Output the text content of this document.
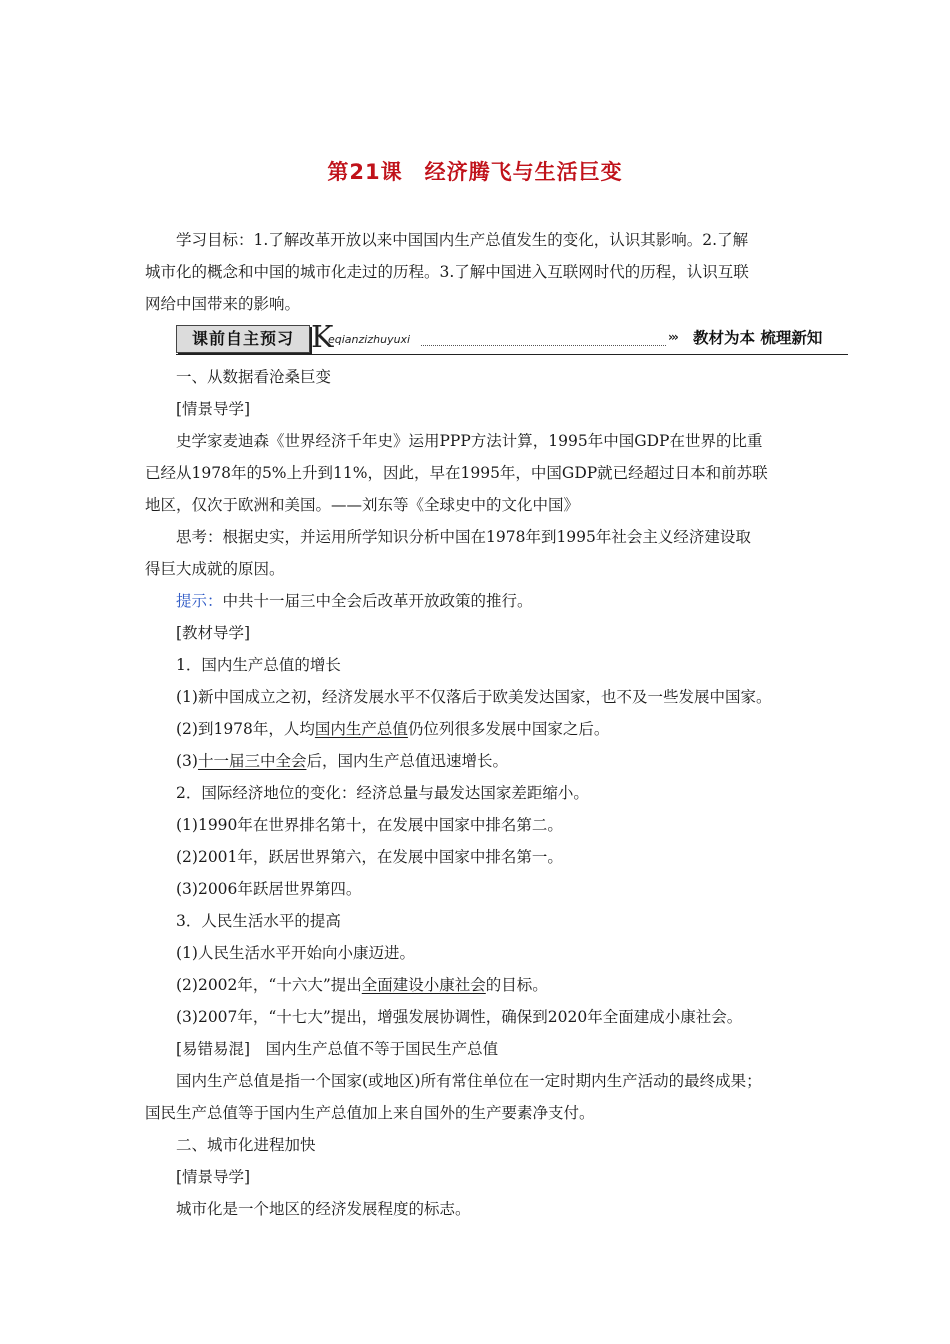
第21课　经济腾飞与生活巨变
学习目标：1.了解改革开放以来中国国内生产总值发生的变化，认识其影响。2.了解
城市化的概念和中国的城市化走过的历程。3.了解中国进入互联网时代的历程，认识互联
网给中国带来的影响。
课前自主预习 K
eqianzizhuyuxi	››› 教材为本 梳理新知
一、从数据看沧桑巨变
[情景导学]
史学家麦迪森《世界经济千年史》运用PPP方法计算，1995年中国GDP在世界的比重
已经从1978年的5%上升到11%，因此，早在1995年，中国GDP就已经超过日本和前苏联
地区，仅次于欧洲和美国。——刘东等《全球史中的文化中国》
思考：根据史实，并运用所学知识分析中国在1978年到1995年社会主义经济建设取
得巨大成就的原因。
提示：中共十一届三中全会后改革开放政策的推行。
[教材导学]
1．国内生产总值的增长
(1)新中国成立之初，经济发展水平不仅落后于欧美发达国家，也不及一些发展中国家。
(2)到1978年，人均国内生产总值仍位列很多发展中国家之后。
(3)十一届三中全会后，国内生产总值迅速增长。
2．国际经济地位的变化：经济总量与最发达国家差距缩小。
(1)1990年在世界排名第十，在发展中国家中排名第二。
(2)2001年，跃居世界第六，在发展中国家中排名第一。
(3)2006年跃居世界第四。
3．人民生活水平的提高
(1)人民生活水平开始向小康迈进。
(2)2002年，“十六大”提出全面建设小康社会的目标。
(3)2007年，“十七大”提出，增强发展协调性，确保到2020年全面建成小康社会。
[易错易混]　国内生产总值不等于国民生产总值
国内生产总值是指一个国家(或地区)所有常住单位在一定时期内生产活动的最终成果；
国民生产总值等于国内生产总值加上来自国外的生产要素净支付。
二、城市化进程加快
[情景导学]
城市化是一个地区的经济发展程度的标志。
